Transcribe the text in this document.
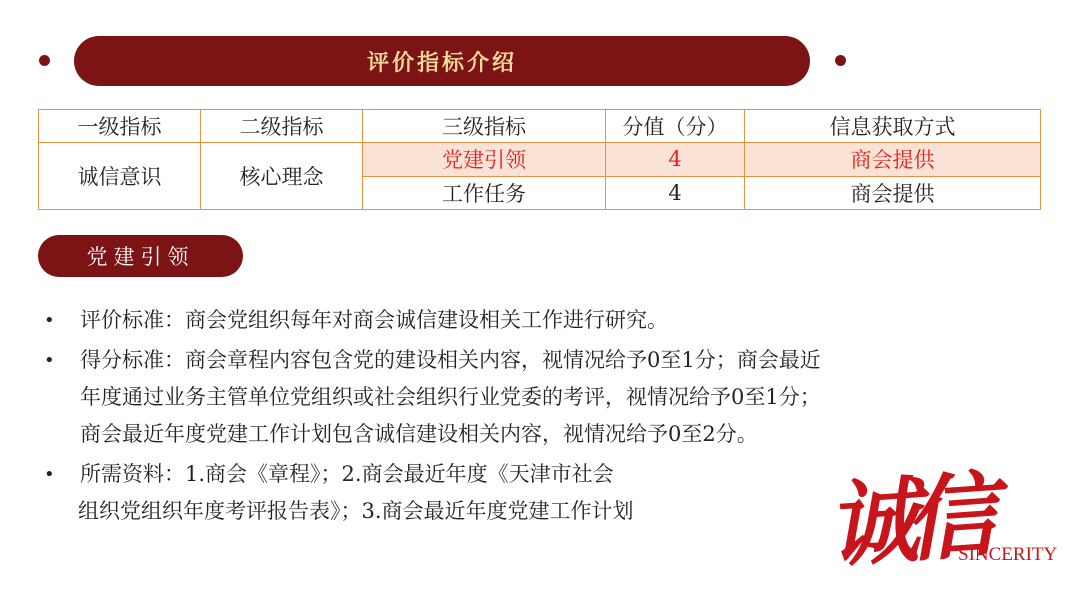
评价指标介绍
一级指标	二级指标	三级指标	分值（分）	信息获取方式
诚信意识	核心理念	党建引领	4	商会提供
		工作任务	4	商会提供
党建引领
• 评价标准：商会党组织每年对商会诚信建设相关工作进行研究。

• 得分标准：商会章程内容包含党的建设相关内容，视情况给予0至1分；商会最近

年度通过业务主管单位党组织或社会组织行业党委的考评，视情况给予0至1分；

商会最近年度党建工作计划包含诚信建设相关内容，视情况给予0至2分。

• 所需资料：1.商会《章程》；2.商会最近年度《天津市社会

组织党组织年度考评报告表》；3.商会最近年度党建工作计划	诚信
SINCERITY
